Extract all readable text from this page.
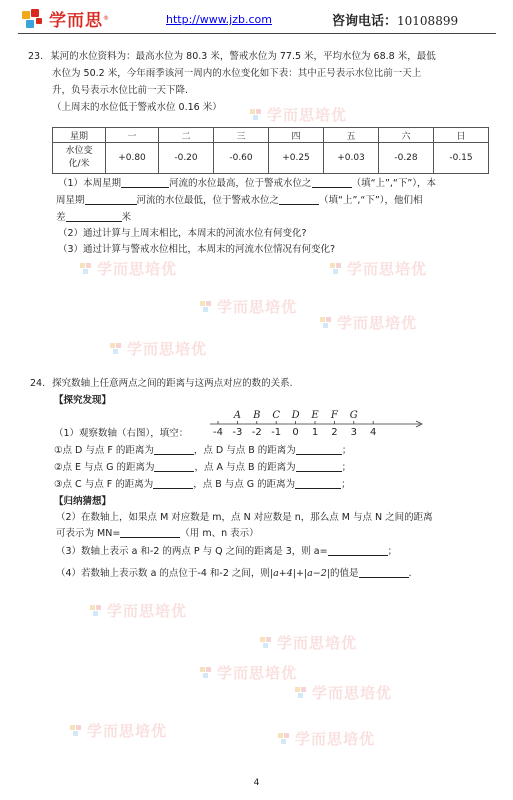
学而思 ®	http://www.jzb.com	咨询电话：10108899
学而思培优
学而思培优	学而思培优
学而思培优
学而思培优
学而思培优
学而思培优
学而思培优
学而思培优
学而思培优
学而思培优	学而思培优
23. 某河的水位资料为：最高水位为 80.3 米，警戒水位为 77.5 米，平均水位为 68.8 米，最低
水位为 50.2 米，今年雨季该河一周内的水位变化如下表：其中正号表示水位比前一天上
升，负号表示水位比前一天下降.
（上周末的水位低于警戒水位 0.16 米）
星期	一	二	三	四	五	六	日
水位变
化/米	+0.80	-0.20	-0.60	+0.25	+0.03	-0.28	-0.15
（1）本周星期	河流的水位最高，位于警戒水位之	（填“上”,“下”），本
周星期	河流的水位最低，位于警戒水位之	（填“上”,“下”），他们相
差	米
（2）通过计算与上周末相比，本周末的河流水位有何变化?
（3）通过计算与警戒水位相比，本周末的河流水位情况有何变化?
24. 探究数轴上任意两点之间的距离与这两点对应的数的关系.
【探究发现】
（1）观察数轴（右图），填空： -4 -3 -2 -1 0 1 2 3 4
A B C D E F G
①点 D 与点 F 的距离为	，点 D 与点 B 的距离为	；
②点 E 与点 G 的距离为	，点 A 与点 B 的距离为	；
③点 C 与点 F 的距离为	，点 B 与点 G 的距离为	；
【归纳猜想】
（2）在数轴上，如果点 M 对应数是 m，点 N 对应数是 n，那么点 M 与点 N 之间的距离
可表示为 MN=	（用 m、n 表示）
（3）数轴上表示 a 和-2 的两点 P 与 Q 之间的距离是 3，则 a=	；
（4）若数轴上表示数 a 的点位于-4 和-2 之间，则|a+4|+|a−2|的值是	.
4
